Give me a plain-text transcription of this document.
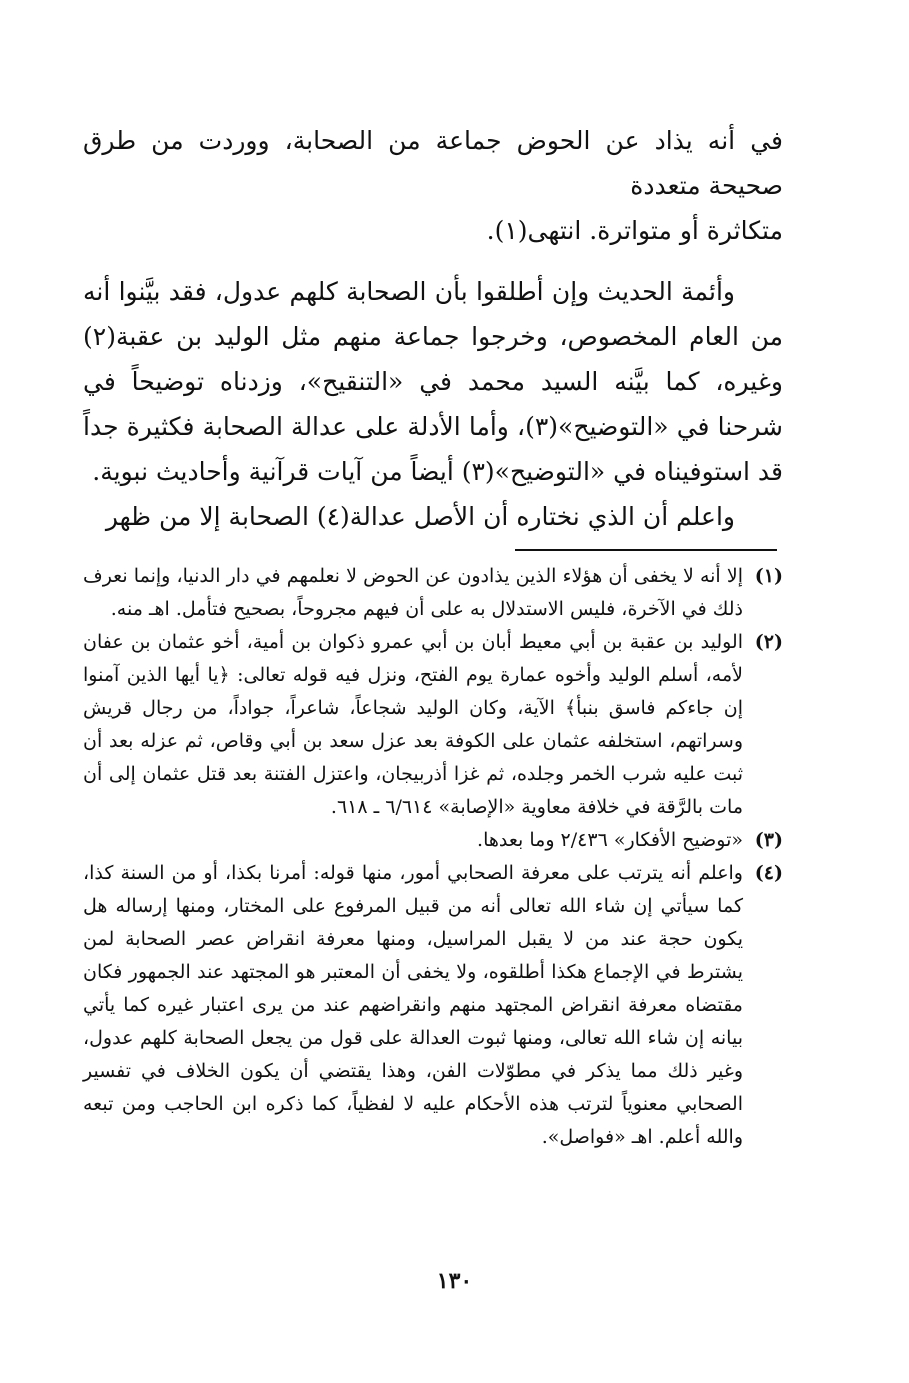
في أنه يذاد عن الحوض جماعة من الصحابة، ووردت من طرق صحيحة متعددة

متكاثرة أو متواترة. انتهى(١).

وأئمة الحديث وإن أطلقوا بأن الصحابة كلهم عدول، فقد بيَّنوا أنه من العام المخصوص، وخرجوا جماعة منهم مثل الوليد بن عقبة(٢) وغيره، كما بيَّنه السيد محمد في «التنقيح»، وزدناه توضيحاً في شرحنا في «التوضيح»(٣)، وأما الأدلة على عدالة الصحابة فكثيرة جداً قد استوفيناه في «التوضيح»(٣) أيضاً من آيات قرآنية وأحاديث نبوية.

واعلم أن الذي نختاره أن الأصل عدالة(٤) الصحابة إلا من ظهر

(١)
إلا أنه لا يخفى أن هؤلاء الذين يذادون عن الحوض لا نعلمهم في دار الدنيا، وإنما نعرف ذلك في الآخرة، فليس الاستدلال به على أن فيهم مجروحاً، بصحيح فتأمل. اهـ منه.
(٢)
الوليد بن عقبة بن أبي معيط أبان بن أبي عمرو ذكوان بن أمية، أخو عثمان بن عفان لأمه، أسلم الوليد وأخوه عمارة يوم الفتح، ونزل فيه قوله تعالى: ﴿يا أيها الذين آمنوا إن جاءكم فاسق بنبأ﴾ الآية، وكان الوليد شجاعاً، شاعراً، جواداً، من رجال قريش وسراتهم، استخلفه عثمان على الكوفة بعد عزل سعد بن أبي وقاص، ثم عزله بعد أن ثبت عليه شرب الخمر وجلده، ثم غزا أذربيجان، واعتزل الفتنة بعد قتل عثمان إلى أن مات بالرَّقة في خلافة معاوية «الإصابة» ٦/٦١٤ ـ ٦١٨.
(٣)
«توضيح الأفكار» ٢/٤٣٦ وما بعدها.
(٤)
واعلم أنه يترتب على معرفة الصحابي أمور، منها قوله: أمرنا بكذا، أو من السنة كذا، كما سيأتي إن شاء الله تعالى أنه من قبيل المرفوع على المختار، ومنها إرساله هل يكون حجة عند من لا يقبل المراسيل، ومنها معرفة انقراض عصر الصحابة لمن يشترط في الإجماع هكذا أطلقوه، ولا يخفى أن المعتبر هو المجتهد عند الجمهور فكان مقتضاه معرفة انقراض المجتهد منهم وانقراضهم عند من يرى اعتبار غيره كما يأتي بيانه إن شاء الله تعالى، ومنها ثبوت العدالة على قول من يجعل الصحابة كلهم عدول، وغير ذلك مما يذكر في مطوّلات الفن، وهذا يقتضي أن يكون الخلاف في تفسير الصحابي معنوياً لترتب هذه الأحكام عليه لا لفظياً، كما ذكره ابن الحاجب ومن تبعه والله أعلم. اهـ «فواصل».
١٣٠
